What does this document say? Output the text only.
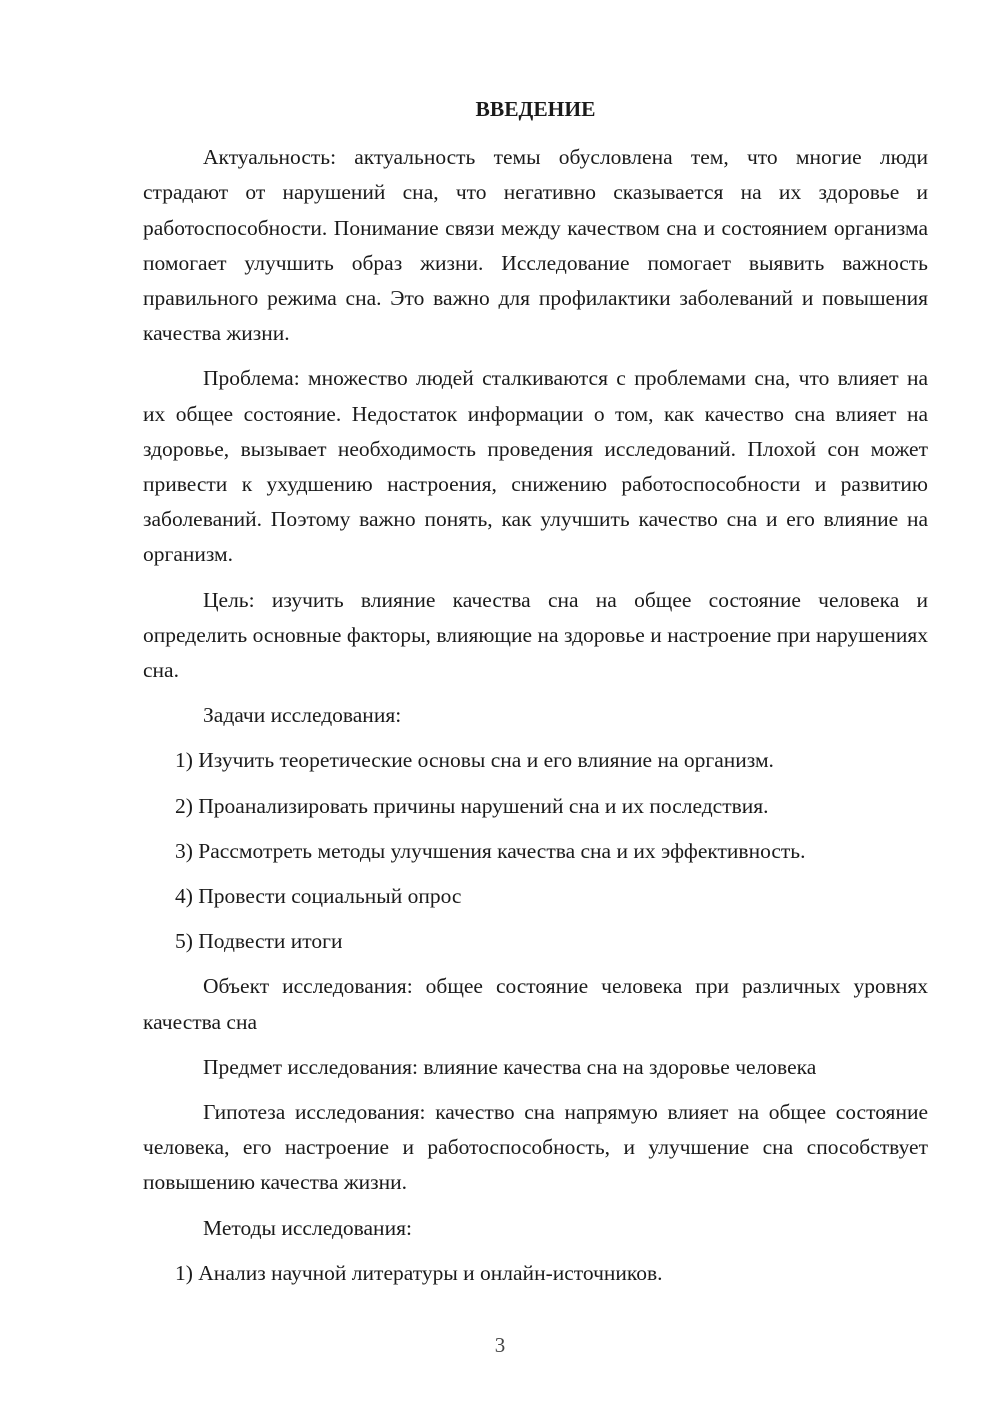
ВВЕДЕНИЕ

Актуальность: актуальность темы обусловлена тем, что многие люди страдают от нарушений сна, что негативно сказывается на их здоровье и работоспособности. Понимание связи между качеством сна и состоянием организма помогает улучшить образ жизни. Исследование помогает выявить важность правильного режима сна. Это важно для профилактики заболеваний и повышения качества жизни.

Проблема: множество людей сталкиваются с проблемами сна, что влияет на их общее состояние. Недостаток информации о том, как качество сна влияет на здоровье, вызывает необходимость проведения исследований. Плохой сон может привести к ухудшению настроения, снижению работоспособности и развитию заболеваний. Поэтому важно понять, как улучшить качество сна и его влияние на организм.

Цель: изучить влияние качества сна на общее состояние человека и определить основные факторы, влияющие на здоровье и настроение при нарушениях сна.

Задачи исследования:

1) Изучить теоретические основы сна и его влияние на организм.
2) Проанализировать причины нарушений сна и их последствия.
3) Рассмотреть методы улучшения качества сна и их эффективность.
4) Провести социальный опрос
5) Подвести итоги

Объект исследования: общее состояние человека при различных уровнях качества сна

Предмет исследования: влияние качества сна на здоровье человека

Гипотеза исследования: качество сна напрямую влияет на общее состояние человека, его настроение и работоспособность, и улучшение сна способствует повышению качества жизни.

Методы исследования:

1) Анализ научной литературы и онлайн-источников.
3
